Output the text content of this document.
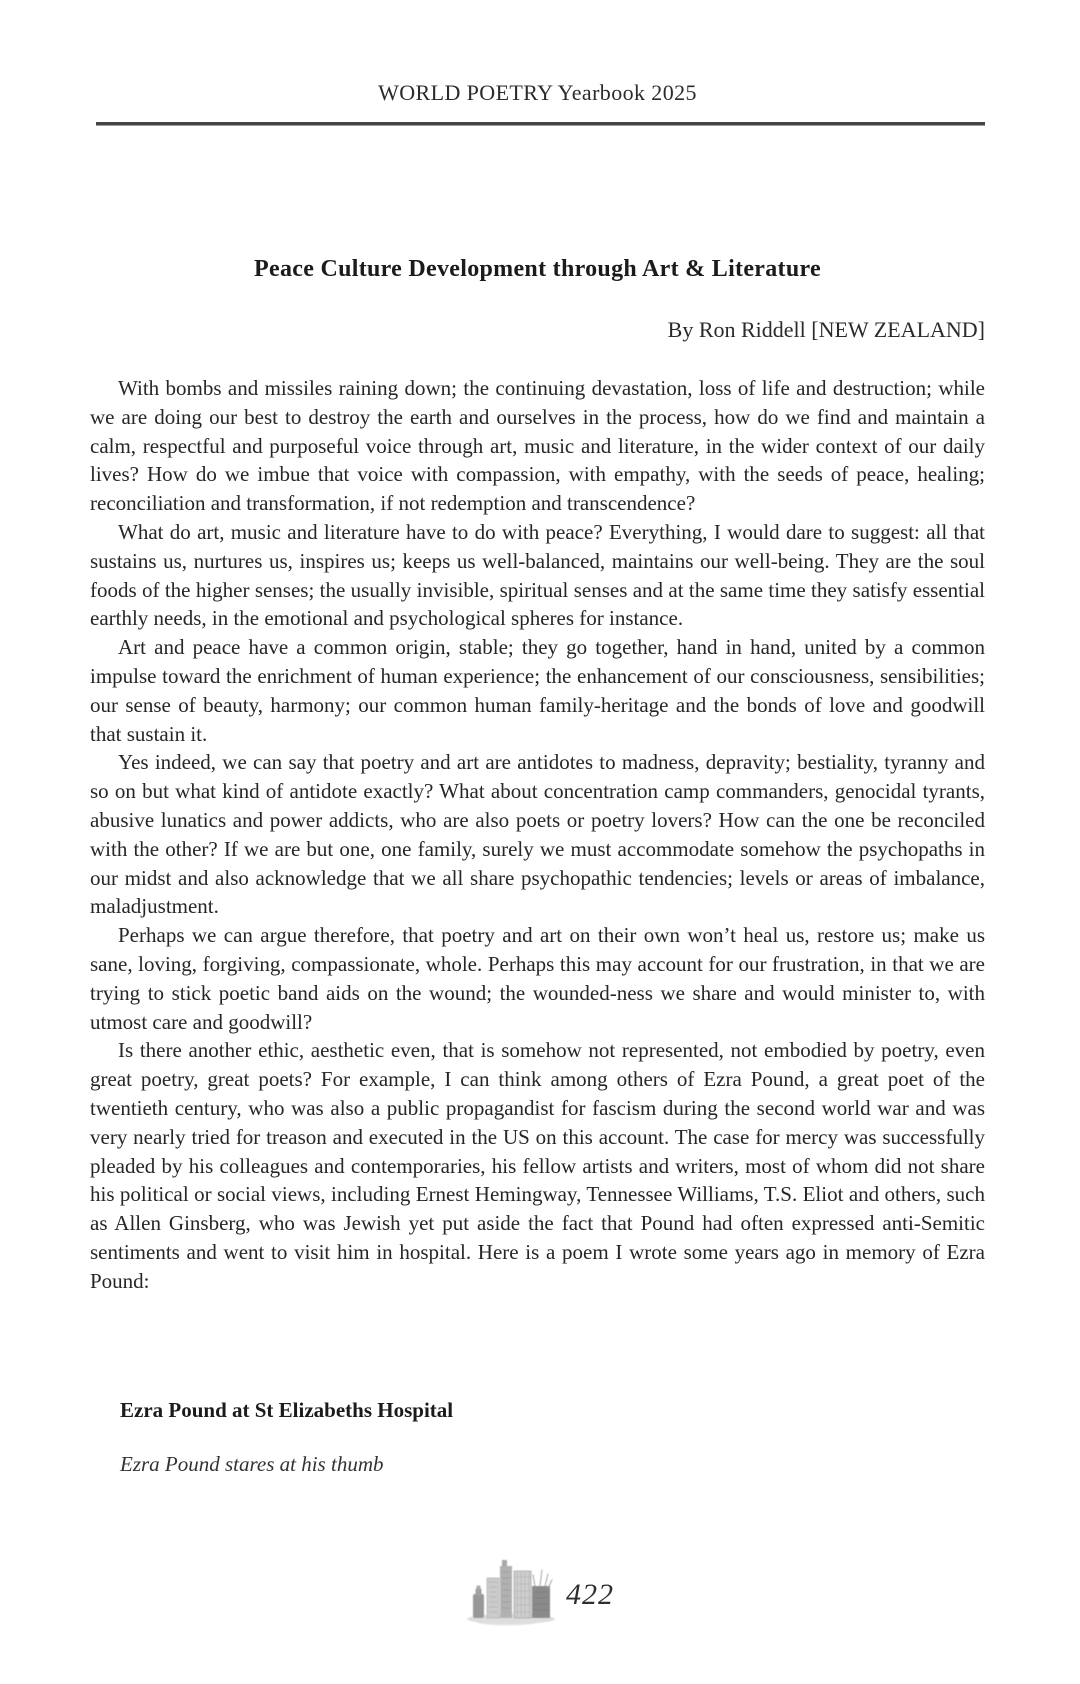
WORLD POETRY Yearbook 2025
Peace Culture Development through Art & Literature
By Ron Riddell [NEW ZEALAND]

With bombs and missiles raining down; the continuing devastation, loss of life and destruction; while we are doing our best to destroy the earth and ourselves in the process, how do we find and maintain a calm, respectful and purposeful voice through art, music and literature, in the wider context of our daily lives? How do we imbue that voice with compassion, with empathy, with the seeds of peace, healing; reconciliation and transformation, if not redemption and transcendence?

What do art, music and literature have to do with peace? Everything, I would dare to suggest: all that sustains us, nurtures us, inspires us; keeps us well-balanced, maintains our well-being. They are the soul foods of the higher senses; the usually invisible, spiritual senses and at the same time they satisfy essential earthly needs, in the emotional and psychological spheres for instance.

Art and peace have a common origin, stable; they go together, hand in hand, united by a common impulse toward the enrichment of human experience; the enhancement of our consciousness, sensibilities; our sense of beauty, harmony; our common human family-heritage and the bonds of love and goodwill that sustain it.

Yes indeed, we can say that poetry and art are antidotes to madness, depravity; bestiality, tyranny and so on but what kind of antidote exactly? What about concentration camp commanders, genocidal tyrants, abusive lunatics and power addicts, who are also poets or poetry lovers? How can the one be reconciled with the other? If we are but one, one family, surely we must accommodate somehow the psychopaths in our midst and also acknowledge that we all share psychopathic tendencies; levels or areas of imbalance, maladjustment.

Perhaps we can argue therefore, that poetry and art on their own won’t heal us, restore us; make us sane, loving, forgiving, compassionate, whole. Perhaps this may account for our frustration, in that we are trying to stick poetic band aids on the wound; the wounded-ness we share and would minister to, with utmost care and goodwill?

Is there another ethic, aesthetic even, that is somehow not represented, not embodied by poetry, even great poetry, great poets? For example, I can think among others of Ezra Pound, a great poet of the twentieth century, who was also a public propagandist for fascism during the second world war and was very nearly tried for treason and executed in the US on this account. The case for mercy was successfully pleaded by his colleagues and contemporaries, his fellow artists and writers, most of whom did not share his political or social views, including Ernest Hemingway, Tennessee Williams, T.S. Eliot and others, such as Allen Ginsberg, who was Jewish yet put aside the fact that Pound had often expressed anti-Semitic sentiments and went to visit him in hospital. Here is a poem I wrote some years ago in memory of Ezra Pound:

Ezra Pound at St Elizabeths Hospital
Ezra Pound stares at his thumb
422
